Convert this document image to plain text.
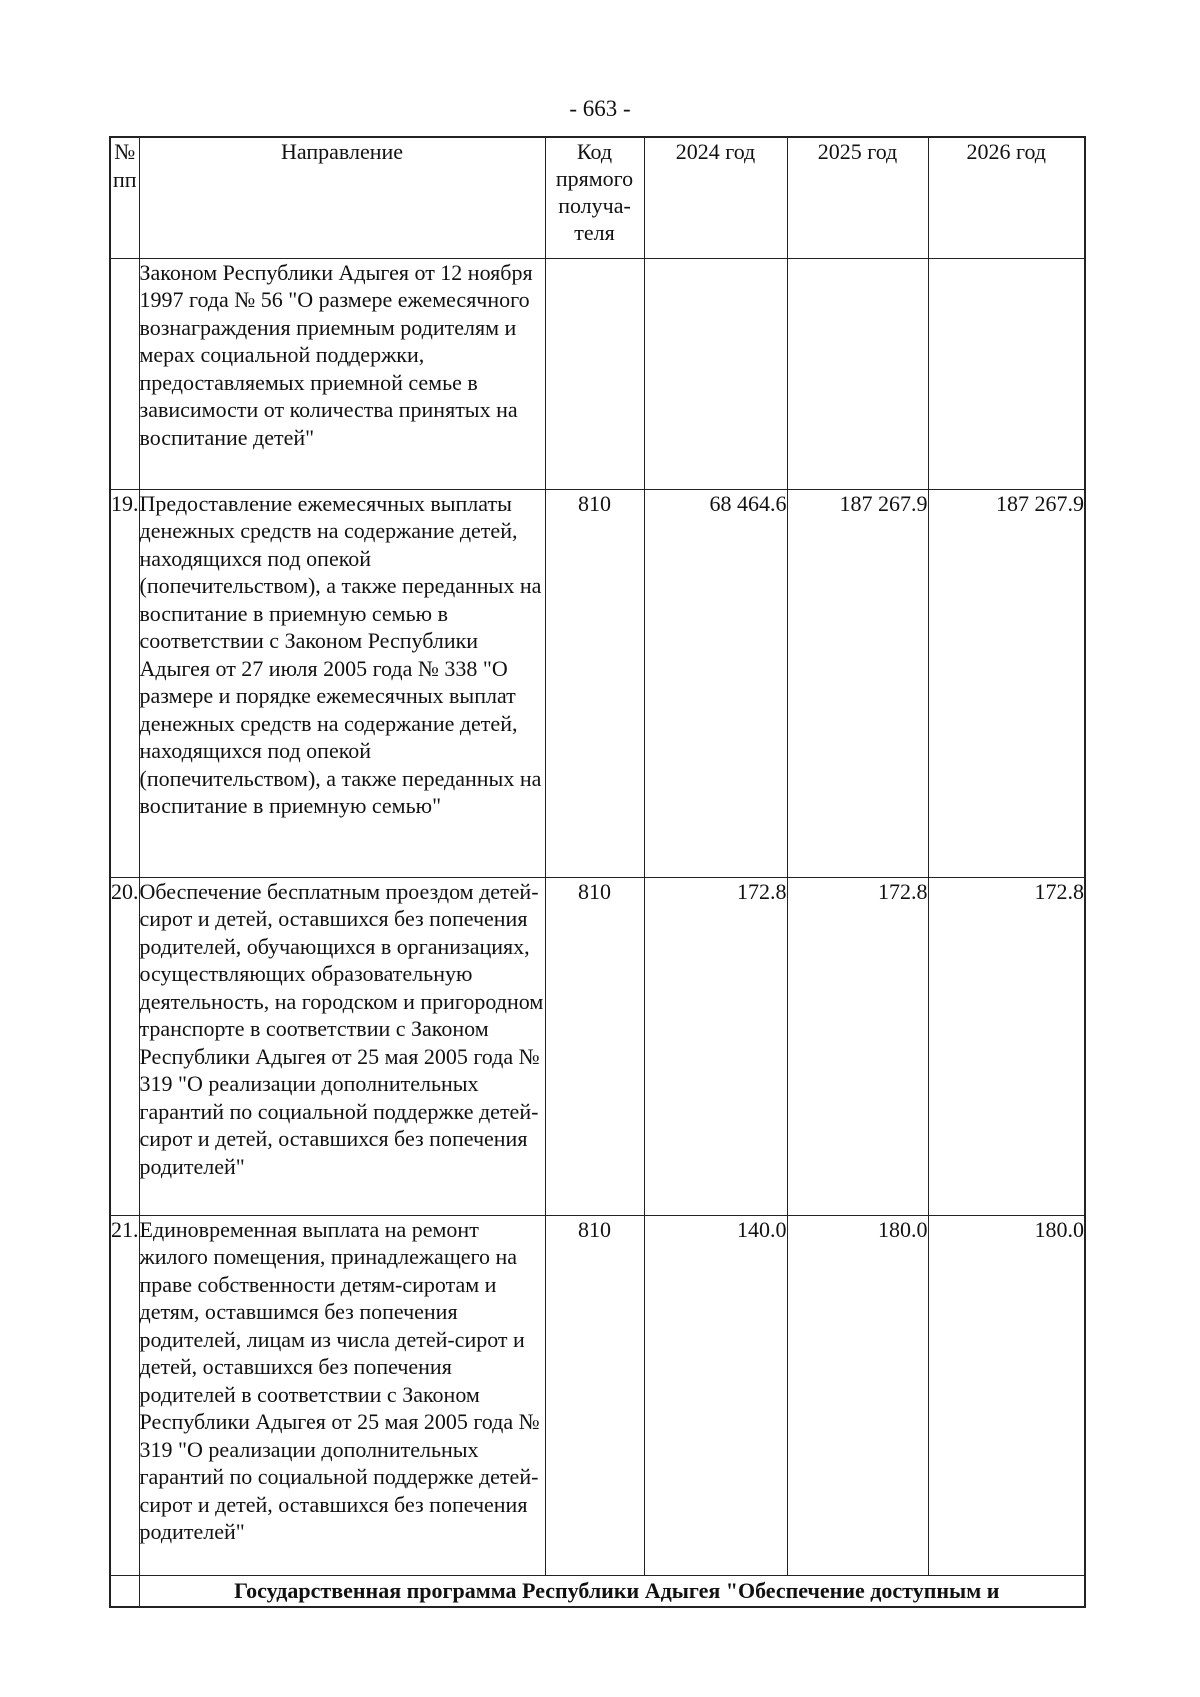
- 663 -
№ пп	Направление	Код прямого получа-теля	2024 год	2025 год	2026 год
	Законом Республики Адыгея от 12 ноября 1997 года № 56 "О размере ежемесячного вознаграждения приемным родителям и мерах социальной поддержки, предоставляемых приемной семье в зависимости от количества принятых на воспитание детей"				
19.	Предоставление ежемесячных выплаты денежных средств на содержание детей, находящихся под опекой (попечительством), а также переданных на воспитание в приемную семью в соответствии с Законом Республики Адыгея от 27 июля 2005 года № 338 "О размере и порядке ежемесячных выплат денежных средств на содержание детей, находящихся под опекой (попечительством), а также переданных на воспитание в приемную семью"	810	68 464.6	187 267.9	187 267.9
20.	Обеспечение бесплатным проездом детей-сирот и детей, оставшихся без попечения родителей, обучающихся в организациях, осуществляющих образовательную деятельность, на городском и пригородном транспорте в соответствии с Законом Республики Адыгея от 25 мая 2005 года № 319 "О реализации дополнительных гарантий по социальной поддержке детей-сирот и детей, оставшихся без попечения родителей"	810	172.8	172.8	172.8
21.	Единовременная выплата на ремонт жилого помещения, принадлежащего на праве собственности детям-сиротам и детям, оставшимся без попечения родителей, лицам из числа детей-сирот и детей, оставшихся без попечения родителей в соответствии с Законом Республики Адыгея от 25 мая 2005 года № 319 "О реализации дополнительных гарантий по социальной поддержке детей-сирот и детей, оставшихся без попечения родителей"	810	140.0	180.0	180.0
	Государственная программа Республики Адыгея "Обеспечение доступным и				
